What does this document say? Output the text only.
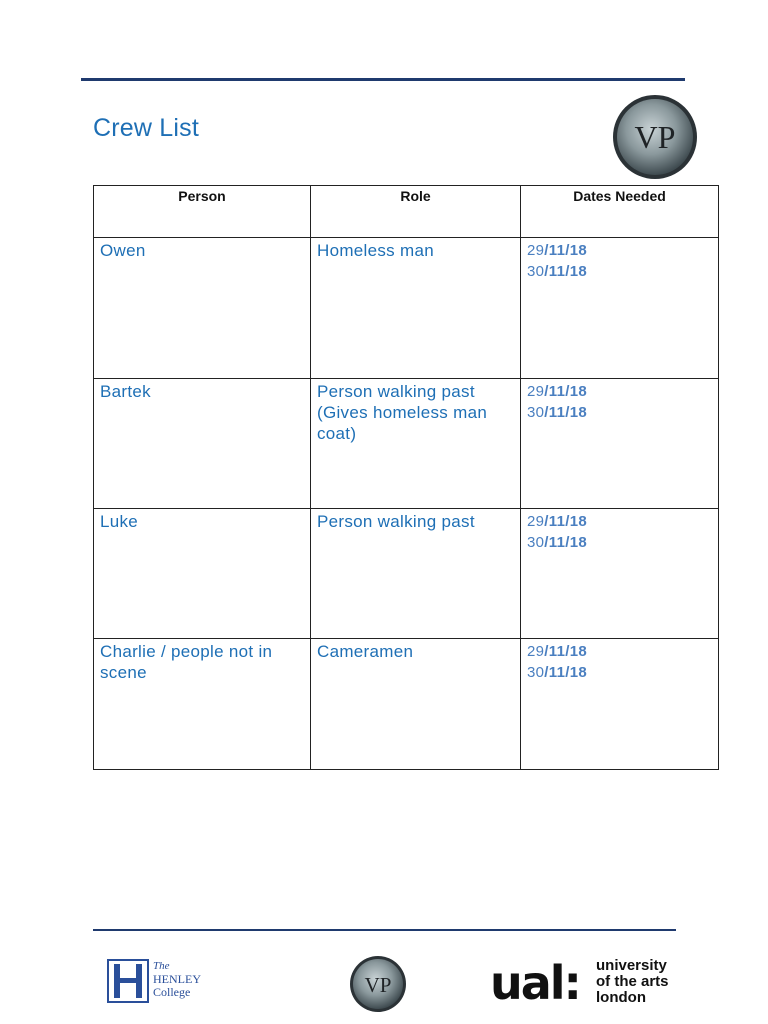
Crew List	VP
Person	Role	Dates Needed
Owen	Homeless man	29/11/18
30/11/18

Bartek	Person walking past (Gives homeless man coat)	29/11/18
30/11/18

Luke	Person walking past	29/11/18
30/11/18

Charlie / people not in scene	Cameramen	29/11/18
30/11/18
The
HENLEY
College	VP ual: university
of the arts
london
